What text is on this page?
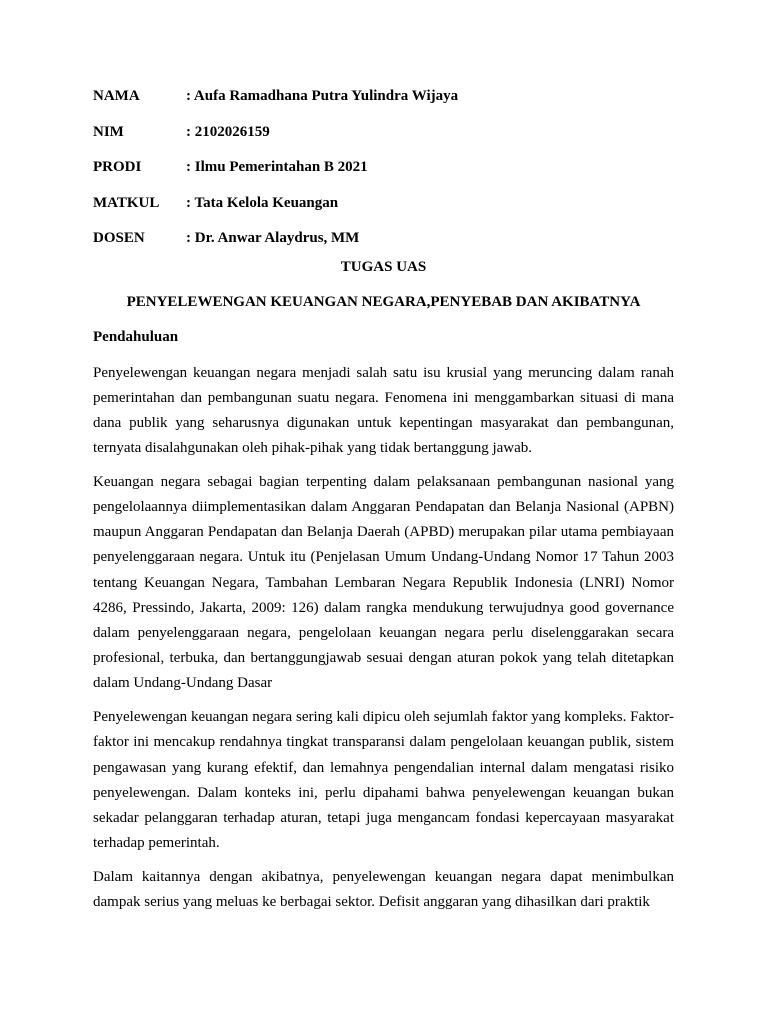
NAMA	: Aufa Ramadhana Putra Yulindra Wijaya
NIM	: 2102026159
PRODI	: Ilmu Pemerintahan B 2021
MATKUL	: Tata Kelola Keuangan
DOSEN	: Dr. Anwar Alaydrus, MM
TUGAS UAS
PENYELEWENGAN KEUANGAN NEGARA,PENYEBAB DAN AKIBATNYA
Pendahuluan

Penyelewengan keuangan negara menjadi salah satu isu krusial yang meruncing dalam ranah pemerintahan dan pembangunan suatu negara. Fenomena ini menggambarkan situasi di mana dana publik yang seharusnya digunakan untuk kepentingan masyarakat dan pembangunan, ternyata disalahgunakan oleh pihak-pihak yang tidak bertanggung jawab.

Keuangan negara sebagai bagian terpenting dalam pelaksanaan pembangunan nasional yang pengelolaannya diimplementasikan dalam Anggaran Pendapatan dan Belanja Nasional (APBN) maupun Anggaran Pendapatan dan Belanja Daerah (APBD) merupakan pilar utama pembiayaan penyelenggaraan negara. Untuk itu (Penjelasan Umum Undang-Undang Nomor 17 Tahun 2003 tentang Keuangan Negara, Tambahan Lembaran Negara Republik Indonesia (LNRI) Nomor 4286, Pressindo, Jakarta, 2009: 126) dalam rangka mendukung terwujudnya good governance dalam penyelenggaraan negara, pengelolaan keuangan negara perlu diselenggarakan secara profesional, terbuka, dan bertanggungjawab sesuai dengan aturan pokok yang telah ditetapkan dalam Undang-Undang Dasar

Penyelewengan keuangan negara sering kali dipicu oleh sejumlah faktor yang kompleks. Faktor-faktor ini mencakup rendahnya tingkat transparansi dalam pengelolaan keuangan publik, sistem pengawasan yang kurang efektif, dan lemahnya pengendalian internal dalam mengatasi risiko penyelewengan. Dalam konteks ini, perlu dipahami bahwa penyelewengan keuangan bukan sekadar pelanggaran terhadap aturan, tetapi juga mengancam fondasi kepercayaan masyarakat terhadap pemerintah.

Dalam kaitannya dengan akibatnya, penyelewengan keuangan negara dapat menimbulkan dampak serius yang meluas ke berbagai sektor. Defisit anggaran yang dihasilkan dari praktik
